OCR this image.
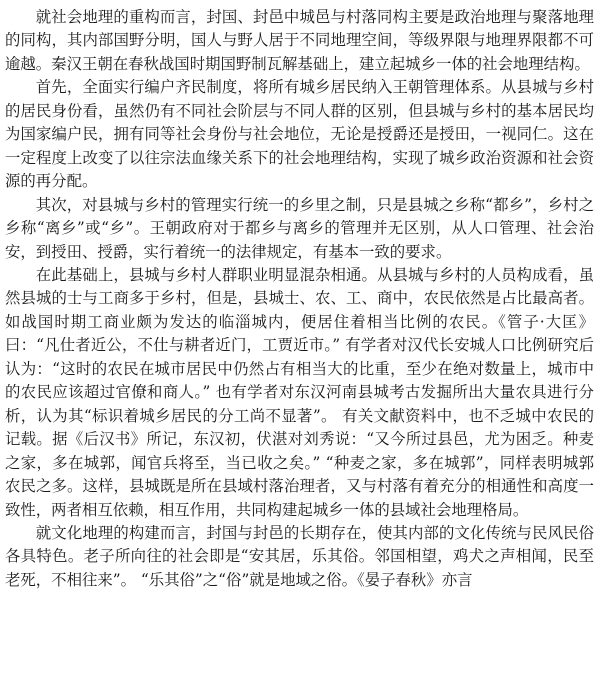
就社会地理的重构而言，封国、封邑中城邑与村落同构主要是政治地理与聚落地理的同构，其内部国野分明，国人与野人居于不同地理空间，等级界限与地理界限都不可逾越。秦汉王朝在春秋战国时期国野制瓦解基础上，建立起城乡一体的社会地理结构。

首先，全面实行编户齐民制度，将所有城乡居民纳入王朝管理体系。从县城与乡村的居民身份看，虽然仍有不同社会阶层与不同人群的区别，但县城与乡村的基本居民均为国家编户民，拥有同等社会身份与社会地位，无论是授爵还是授田，一视同仁。这在一定程度上改变了以往宗法血缘关系下的社会地理结构，实现了城乡政治资源和社会资源的再分配。

其次，对县城与乡村的管理实行统一的乡里之制，只是县城之乡称“都乡”，乡村之乡称“离乡”或“乡”。王朝政府对于都乡与离乡的管理并无区别，从人口管理、社会治安，到授田、授爵，实行着统一的法律规定，有基本一致的要求。

在此基础上，县城与乡村人群职业明显混杂相通。从县城与乡村的人员构成看，虽然县城的士与工商多于乡村，但是，县城士、农、工、商中，农民依然是占比最高者。 如战国时期工商业颇为发达的临淄城内，便居住着相当比例的农民。《管子·大匡》曰：“凡仕者近公，不仕与耕者近门，工贾近市。” 有学者对汉代长安城人口比例研究后认为：“这时的农民在城市居民中仍然占有相当大的比重，至少在绝对数量上，城市中的农民应该超过官僚和商人。” 也有学者对东汉河南县城考古发掘所出大量农具进行分析，认为其“标识着城乡居民的分工尚不显著”。 有关文献资料中，也不乏城中农民的记载。据《后汉书》所记，东汉初，伏湛对刘秀说：“又今所过县邑，尤为困乏。种麦之家，多在城郭，闻官兵将至，当已收之矣。” “种麦之家，多在城郭”，同样表明城郭农民之多。这样，县城既是所在县域村落治理者，又与村落有着充分的相通性和高度一致性，两者相互依赖，相互作用，共同构建起城乡一体的县域社会地理格局。

就文化地理的构建而言，封国与封邑的长期存在，使其内部的文化传统与民风民俗各具特色。老子所向往的社会即是“安其居，乐其俗。邻国相望，鸡犬之声相闻，民至老死，不相往来”。 “乐其俗”之“俗”就是地域之俗。《晏子春秋》亦言
